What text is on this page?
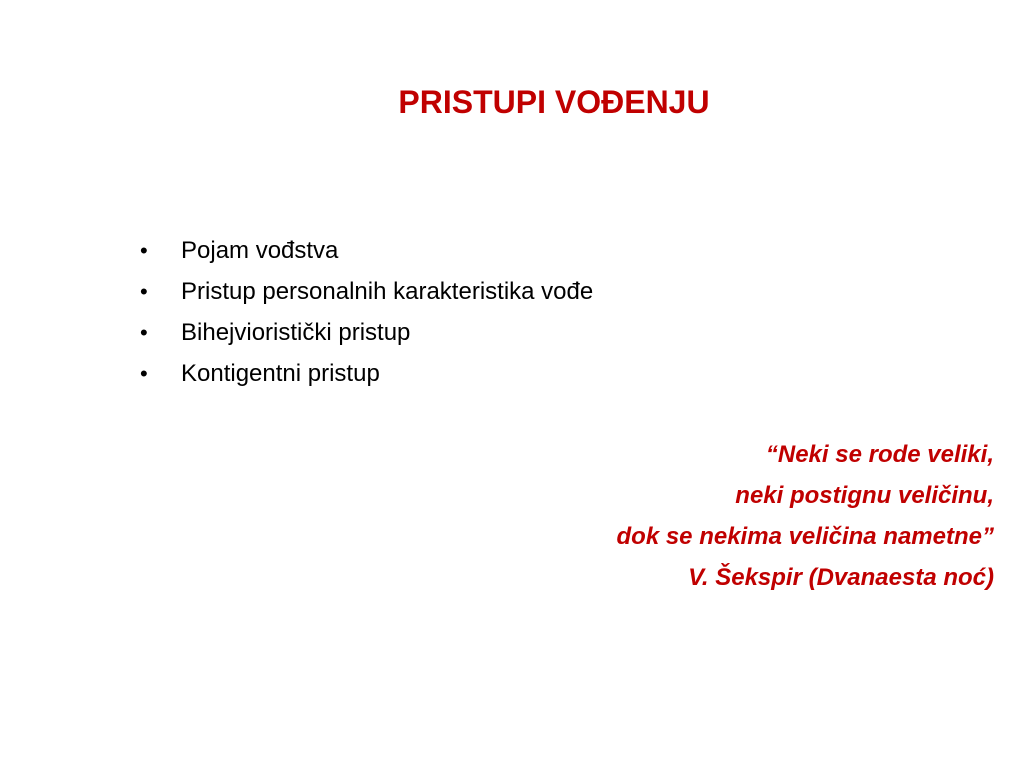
PRISTUPI VOĐENJU
• Pojam vođstva
• Pristup personalnih karakteristika vođe
• Bihejvioristički pristup
• Kontigentni pristup
“Neki se rode veliki,
neki postignu veličinu,
dok se nekima veličina nametne”
V. Šekspir (Dvanaesta noć)
